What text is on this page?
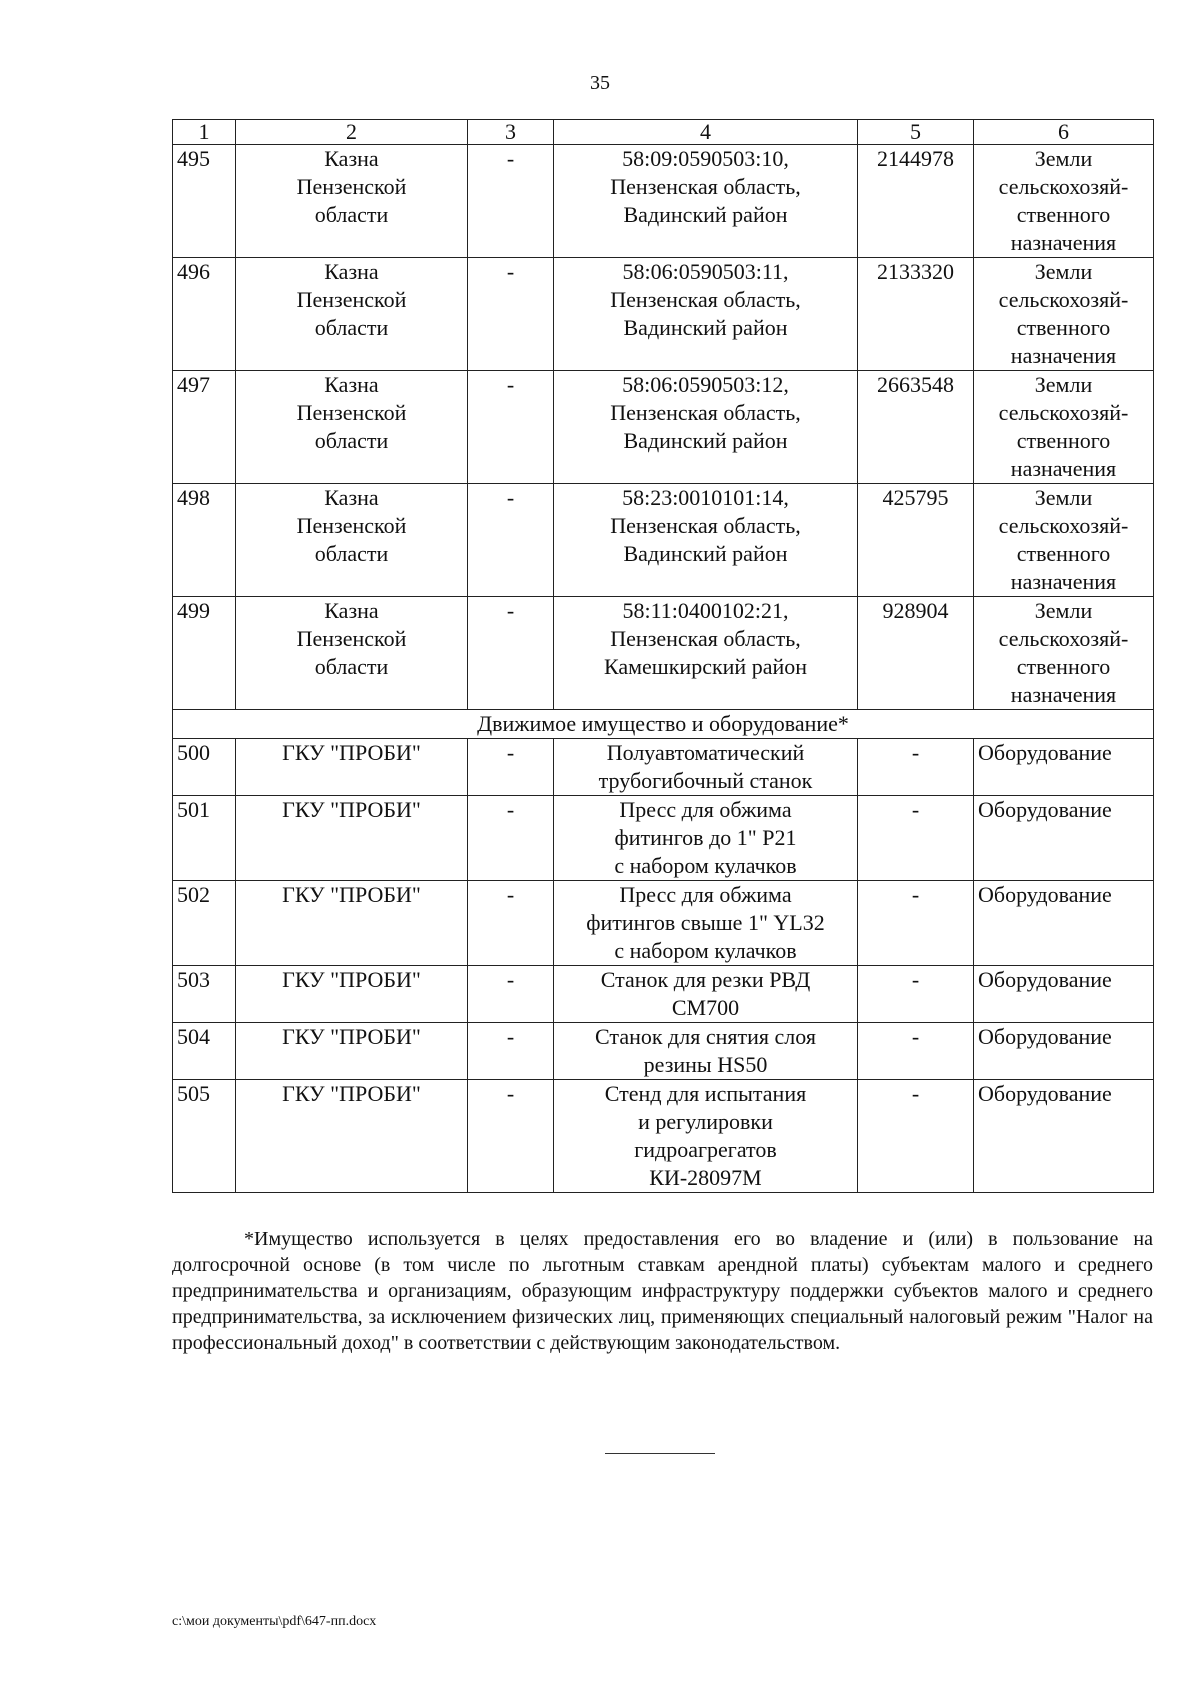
35
1	2	3	4	5	6
495	Казна
Пензенской
области	-	58:09:0590503:10,
Пензенская область,
Вадинский район	2144978	Земли
сельскохозяй-
ственного
назначения

496	Казна
Пензенской
области	-	58:06:0590503:11,
Пензенская область,
Вадинский район	2133320	Земли
сельскохозяй-
ственного
назначения

497	Казна
Пензенской
области	-	58:06:0590503:12,
Пензенская область,
Вадинский район	2663548	Земли
сельскохозяй-
ственного
назначения

498	Казна
Пензенской
области	-	58:23:0010101:14,
Пензенская область,
Вадинский район	425795	Земли
сельскохозяй-
ственного
назначения

499	Казна
Пензенской
области	-	58:11:0400102:21,
Пензенская область,
Камешкирский район	928904	Земли
сельскохозяй-
ственного
назначения

Движимое имущество и оборудование*					
500	ГКУ "ПРОБИ"	-	Полуавтоматический
трубогибочный станок	-	Оборудование

501	ГКУ "ПРОБИ"	-	Пресс для обжима
фитингов до 1" P21
с набором кулачков	-	Оборудование

502	ГКУ "ПРОБИ"	-	Пресс для обжима
фитингов свыше 1" YL32
с набором кулачков	-	Оборудование

503	ГКУ "ПРОБИ"	-	Станок для резки РВД
CM700	-	Оборудование

504	ГКУ "ПРОБИ"	-	Станок для снятия слоя
резины HS50	-	Оборудование

505	ГКУ "ПРОБИ"	-	Стенд для испытания
и регулировки
гидроагрегатов
КИ-28097М	-	Оборудование

*Имущество используется в целях предоставления его во владение и (или) в пользование на долгосрочной основе (в том числе по льготным ставкам арендной платы) субъектам малого и среднего предпринимательства и организациям, образующим инфраструктуру поддержки субъектов малого и среднего предпринимательства, за исключением физических лиц, применяющих специальный налоговый режим "Налог на профессиональный доход" в соответствии с действующим законодательством.

c:\мои документы\pdf\647-пп.docx
